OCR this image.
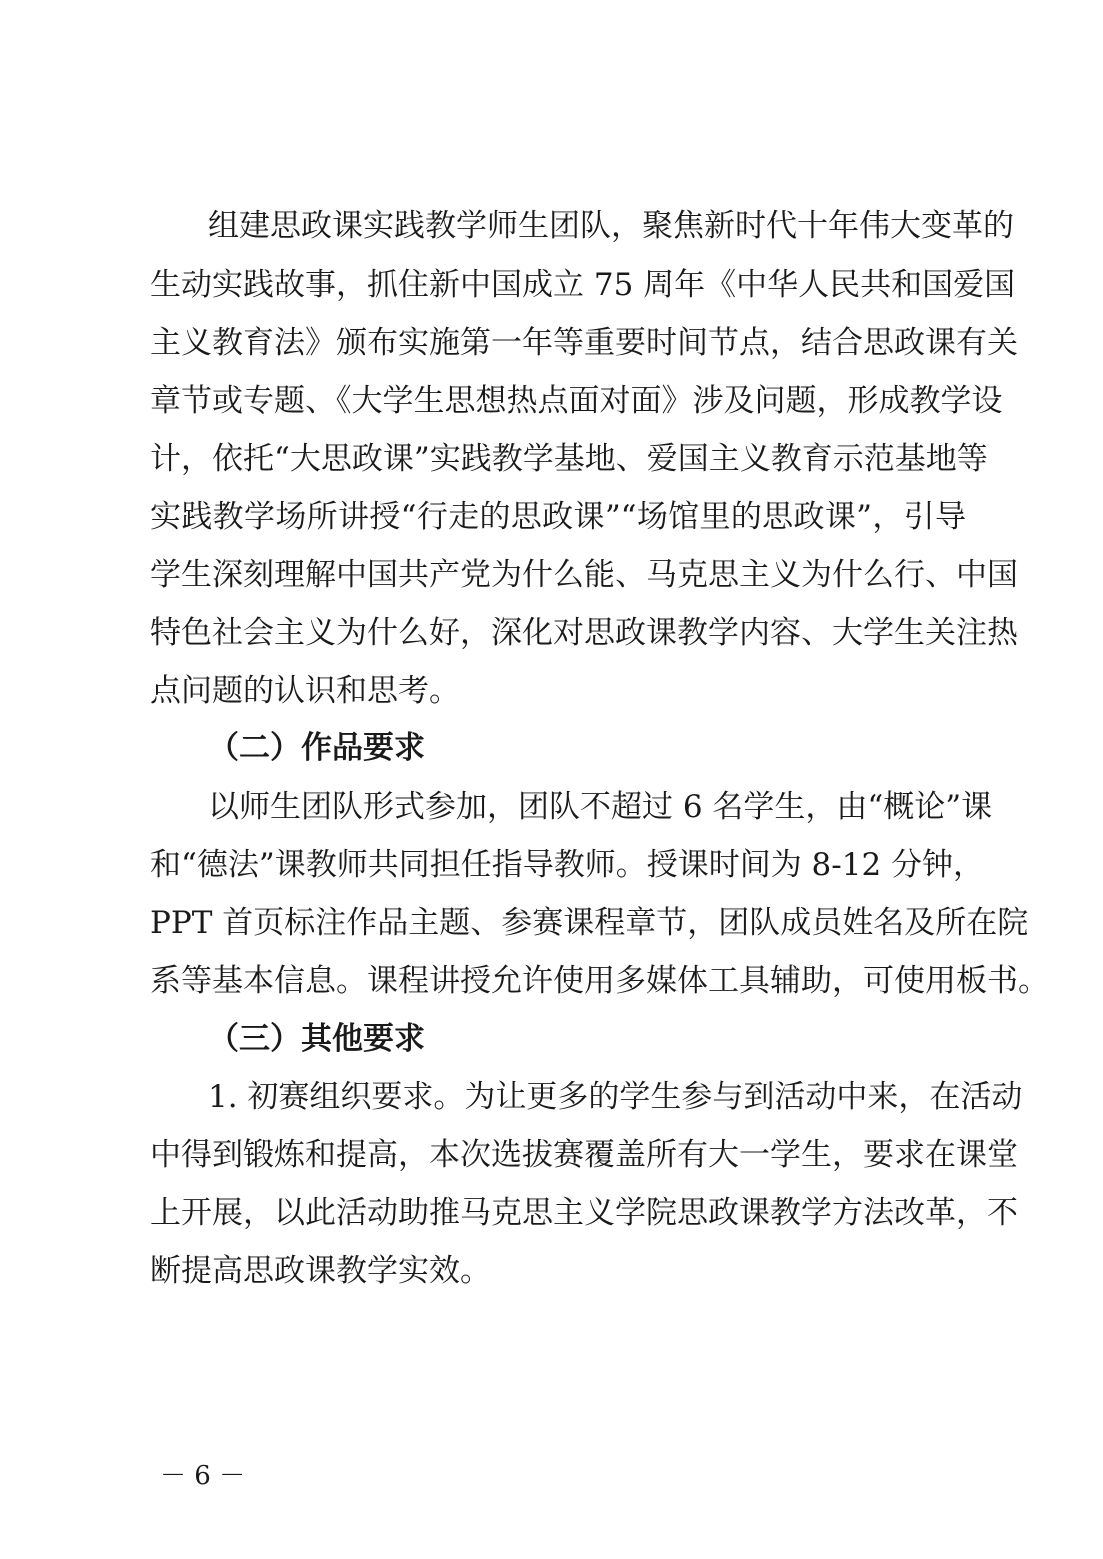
组建思政课实践教学师生团队，聚焦新时代十年伟大变革的
生动实践故事，抓住新中国成立 75 周年《中华人民共和国爱国
主义教育法》颁布实施第一年等重要时间节点，结合思政课有关
章节或专题、《大学生思想热点面对面》涉及问题，形成教学设
计，依托“大思政课”实践教学基地、爱国主义教育示范基地等
实践教学场所讲授“行走的思政课”“场馆里的思政课”，引导
学生深刻理解中国共产党为什么能、马克思主义为什么行、中国
特色社会主义为什么好，深化对思政课教学内容、大学生关注热
点问题的认识和思考。
（二）作品要求
以师生团队形式参加，团队不超过 6 名学生，由“概论”课
和“德法”课教师共同担任指导教师。授课时间为 8-12 分钟，
PPT 首页标注作品主题、参赛课程章节，团队成员姓名及所在院
系等基本信息。课程讲授允许使用多媒体工具辅助，可使用板书。
（三）其他要求
1. 初赛组织要求。为让更多的学生参与到活动中来，在活动
中得到锻炼和提高，本次选拔赛覆盖所有大一学生，要求在课堂
上开展，以此活动助推马克思主义学院思政课教学方法改革，不
断提高思政课教学实效。
－ 6 －
